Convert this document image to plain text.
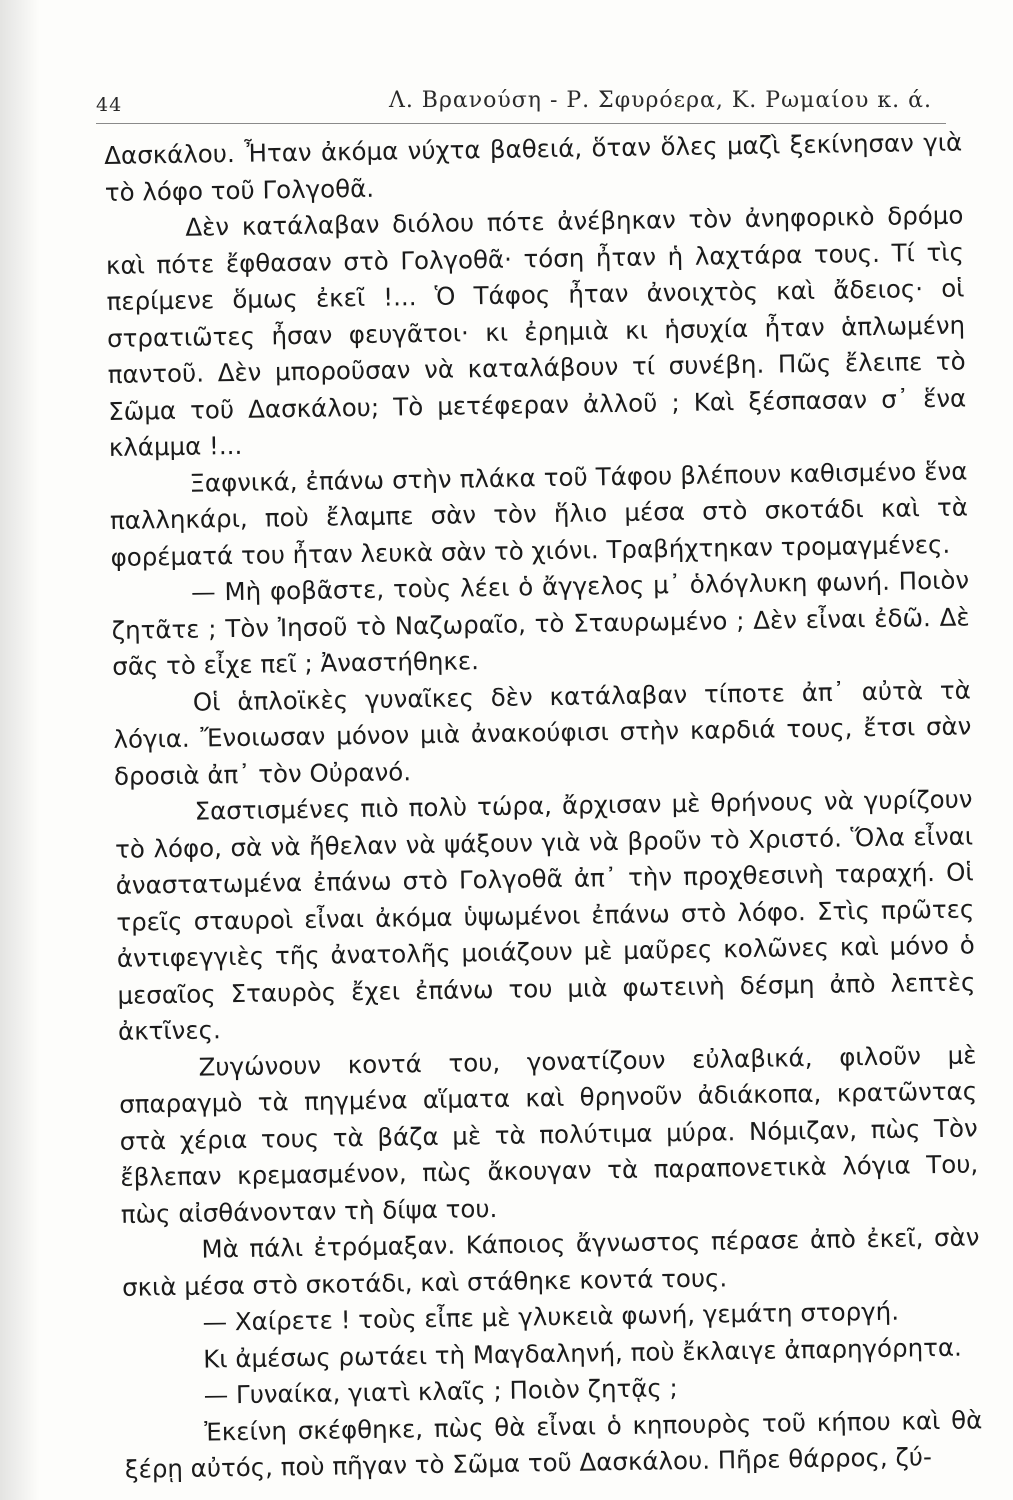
44	Λ. Βρανούση - Ρ. Σφυρόερα, Κ. Ρωμαίου κ. ά.

Δασκάλου. Ἦταν ἀκόμα νύχτα βαθειά, ὅταν ὅλες μαζὶ ξεκίνησαν γιὰ τὸ λόφο τοῦ Γολγοθᾶ.

Δὲν κατάλαβαν διόλου πότε ἀνέβηκαν τὸν ἀνηφορικὸ δρόμο καὶ πότε ἔφθασαν στὸ Γολγοθᾶ· τόση ἦταν ἡ λαχτάρα τους. Τί τὶς περίμενε ὅμως ἐκεῖ !... Ὁ Τάφος ἦταν ἀνοιχτὸς καὶ ἄδειος· οἱ στρατιῶτες ἦσαν φευγᾶτοι· κι ἐρημιὰ κι ἡσυχία ἦταν ἁπλωμένη παντοῦ. Δὲν μποροῦσαν νὰ καταλάβουν τί συνέβη. Πῶς ἔλειπε τὸ Σῶμα τοῦ Δασκάλου; Τὸ μετέφεραν ἀλλοῦ ; Καὶ ξέσπασαν σ᾽ ἕνα κλάμμα !...

Ξαφνικά, ἐπάνω στὴν πλάκα τοῦ Τάφου βλέπουν καθισμένο ἕνα παλληκάρι, ποὺ ἔλαμπε σὰν τὸν ἥλιο μέσα στὸ σκοτάδι καὶ τὰ φορέματά του ἦταν λευκὰ σὰν τὸ χιόνι. Τραβήχτηκαν τρομαγμένες.

— Μὴ φοβᾶστε, τοὺς λέει ὁ ἄγγελος μ᾽ ὁλόγλυκη φωνή. Ποιὸν ζητᾶτε ; Τὸν Ἰησοῦ τὸ Ναζωραῖο, τὸ Σταυρωμένο ; Δὲν εἶναι ἐδῶ. Δὲ σᾶς τὸ εἶχε πεῖ ; Ἀναστήθηκε.

Οἱ ἁπλοϊκὲς γυναῖκες δὲν κατάλαβαν τίποτε ἀπ᾽ αὐτὰ τὰ λόγια. Ἔνοιωσαν μόνον μιὰ ἀνακούφισι στὴν καρδιά τους, ἔτσι σὰν δροσιὰ ἀπ᾽ τὸν Οὐρανό.

Σαστισμένες πιὸ πολὺ τώρα, ἄρχισαν μὲ θρήνους νὰ γυρίζουν τὸ λόφο, σὰ νὰ ἤθελαν νὰ ψάξουν γιὰ νὰ βροῦν τὸ Χριστό. Ὅλα εἶναι ἀναστατωμένα ἐπάνω στὸ Γολγοθᾶ ἀπ᾽ τὴν προχθεσινὴ ταραχή. Οἱ τρεῖς σταυροὶ εἶναι ἀκόμα ὑψωμένοι ἐπάνω στὸ λόφο. Στὶς πρῶτες ἀντιφεγγιὲς τῆς ἀνατολῆς μοιάζουν μὲ μαῦρες κολῶνες καὶ μόνο ὁ μεσαῖος Σταυρὸς ἔχει ἐπάνω του μιὰ φωτεινὴ δέσμη ἀπὸ λεπτὲς ἀκτῖνες.

Ζυγώνουν κοντά του, γονατίζουν εὐλαβικά, φιλοῦν μὲ σπαραγμὸ τὰ πηγμένα αἵματα καὶ θρηνοῦν ἀδιάκοπα, κρατῶντας στὰ χέρια τους τὰ βάζα μὲ τὰ πολύτιμα μύρα. Νόμιζαν, πὼς Τὸν ἔβλεπαν κρεμασμένον, πὼς ἄκουγαν τὰ παραπονετικὰ λόγια Του, πὼς αἰσθάνονταν τὴ δίψα του.

Μὰ πάλι ἐτρόμαξαν. Κάποιος ἄγνωστος πέρασε ἀπὸ ἐκεῖ, σὰν σκιὰ μέσα στὸ σκοτάδι, καὶ στάθηκε κοντά τους.

— Χαίρετε ! τοὺς εἶπε μὲ γλυκειὰ φωνή, γεμάτη στοργή.

Κι ἀμέσως ρωτάει τὴ Μαγδαληνή, ποὺ ἔκλαιγε ἀπαρηγόρητα.

— Γυναίκα, γιατὶ κλαῖς ; Ποιὸν ζητᾷς ;

Ἐκείνη σκέφθηκε, πὼς θὰ εἶναι ὁ κηπουρὸς τοῦ κήπου καὶ θὰ ξέρῃ αὐτός, ποὺ πῆγαν τὸ Σῶμα τοῦ Δασκάλου. Πῆρε θάρρος, ζύ-
